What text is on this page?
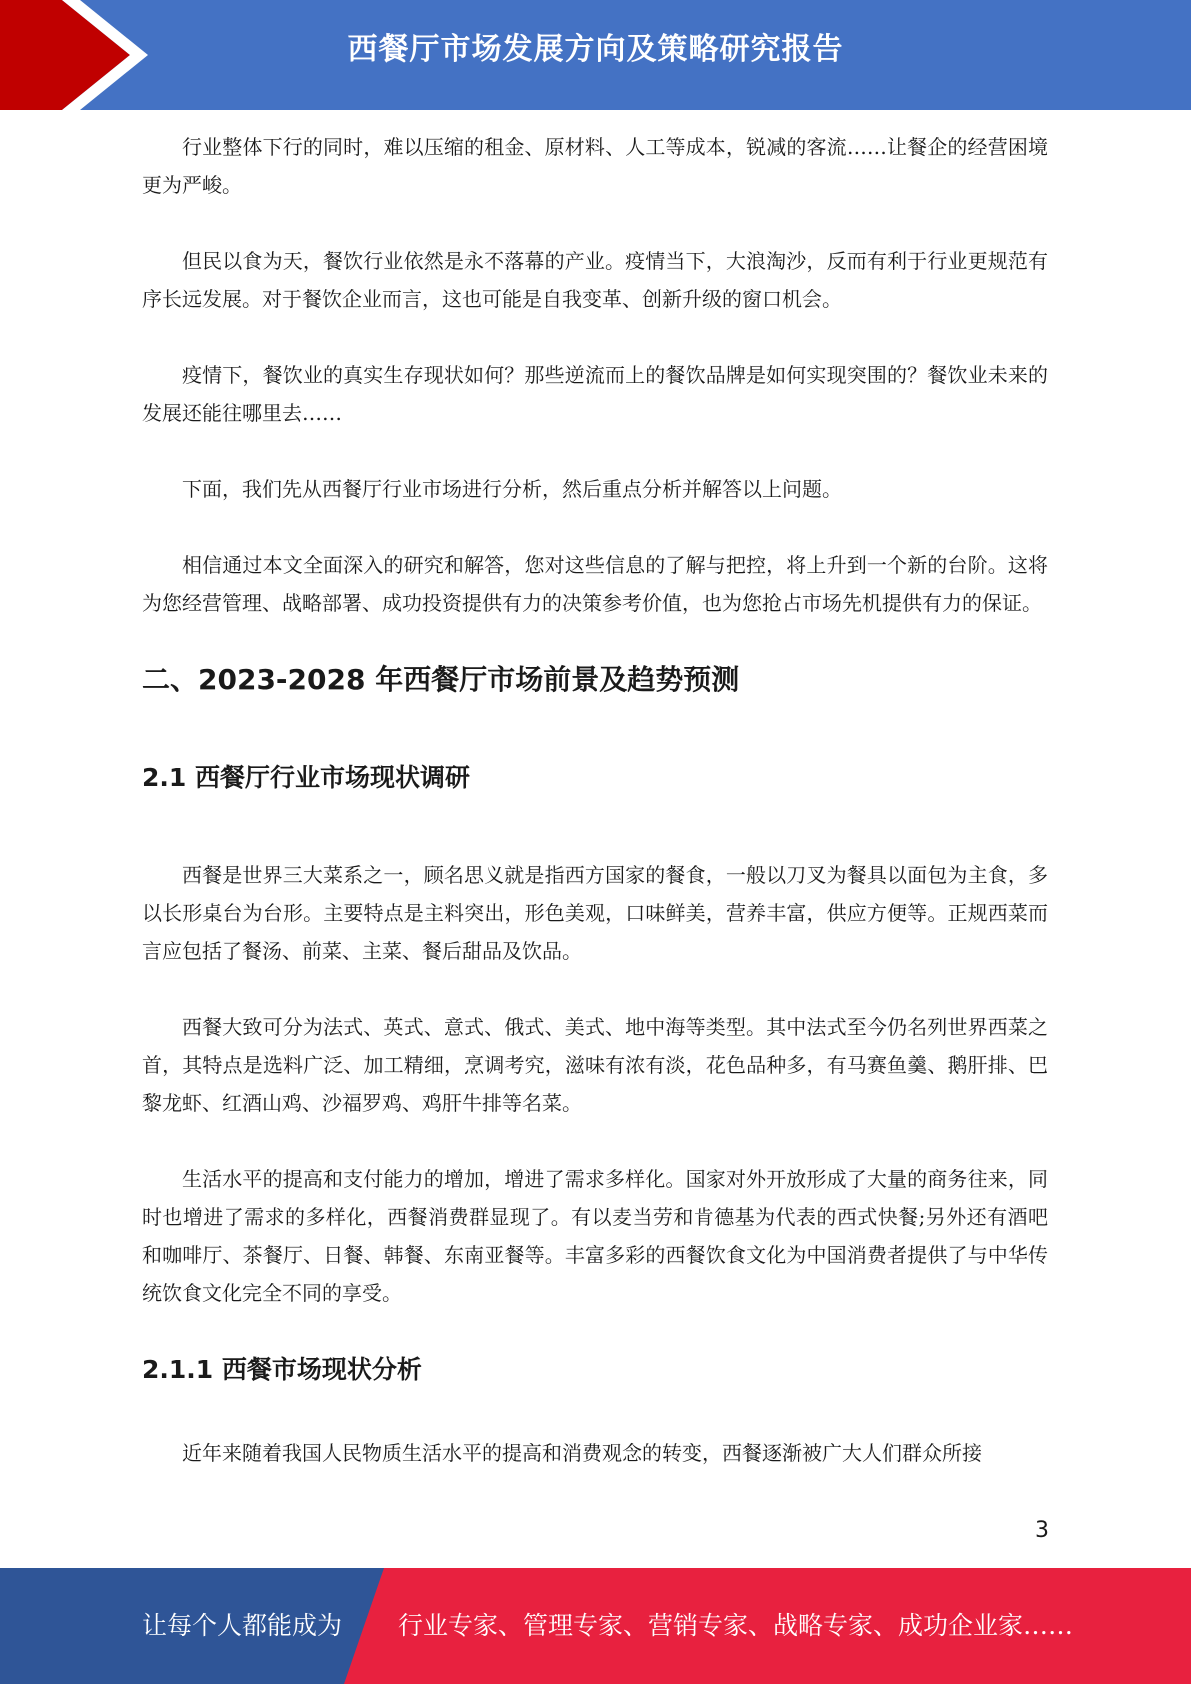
西餐厅市场发展方向及策略研究报告

行业整体下行的同时，难以压缩的租金、原材料、人工等成本，锐减的客流……让餐企的经营困境更为严峻。

但民以食为天，餐饮行业依然是永不落幕的产业。疫情当下，大浪淘沙，反而有利于行业更规范有序长远发展。对于餐饮企业而言，这也可能是自我变革、创新升级的窗口机会。

疫情下，餐饮业的真实生存现状如何？那些逆流而上的餐饮品牌是如何实现突围的？餐饮业未来的发展还能往哪里去……

下面，我们先从西餐厅行业市场进行分析，然后重点分析并解答以上问题。

相信通过本文全面深入的研究和解答，您对这些信息的了解与把控，将上升到一个新的台阶。这将为您经营管理、战略部署、成功投资提供有力的决策参考价值，也为您抢占市场先机提供有力的保证。

二、2023-2028 年西餐厅市场前景及趋势预测
2.1 西餐厅行业市场现状调研

西餐是世界三大菜系之一，顾名思义就是指西方国家的餐食，一般以刀叉为餐具以面包为主食，多以长形桌台为台形。主要特点是主料突出，形色美观，口味鲜美，营养丰富，供应方便等。正规西菜而言应包括了餐汤、前菜、主菜、餐后甜品及饮品。

西餐大致可分为法式、英式、意式、俄式、美式、地中海等类型。其中法式至今仍名列世界西菜之首，其特点是选料广泛、加工精细，烹调考究，滋味有浓有淡，花色品种多，有马赛鱼羹、鹅肝排、巴黎龙虾、红酒山鸡、沙福罗鸡、鸡肝牛排等名菜。

生活水平的提高和支付能力的增加，增进了需求多样化。国家对外开放形成了大量的商务往来，同时也增进了需求的多样化，西餐消费群显现了。有以麦当劳和肯德基为代表的西式快餐;另外还有酒吧和咖啡厅、茶餐厅、日餐、韩餐、东南亚餐等。丰富多彩的西餐饮食文化为中国消费者提供了与中华传统饮食文化完全不同的享受。

2.1.1 西餐市场现状分析

近年来随着我国人民物质生活水平的提高和消费观念的转变，西餐逐渐被广大人们群众所接

3
让每个人都能成为 行业专家、管理专家、营销专家、战略专家、成功企业家……
